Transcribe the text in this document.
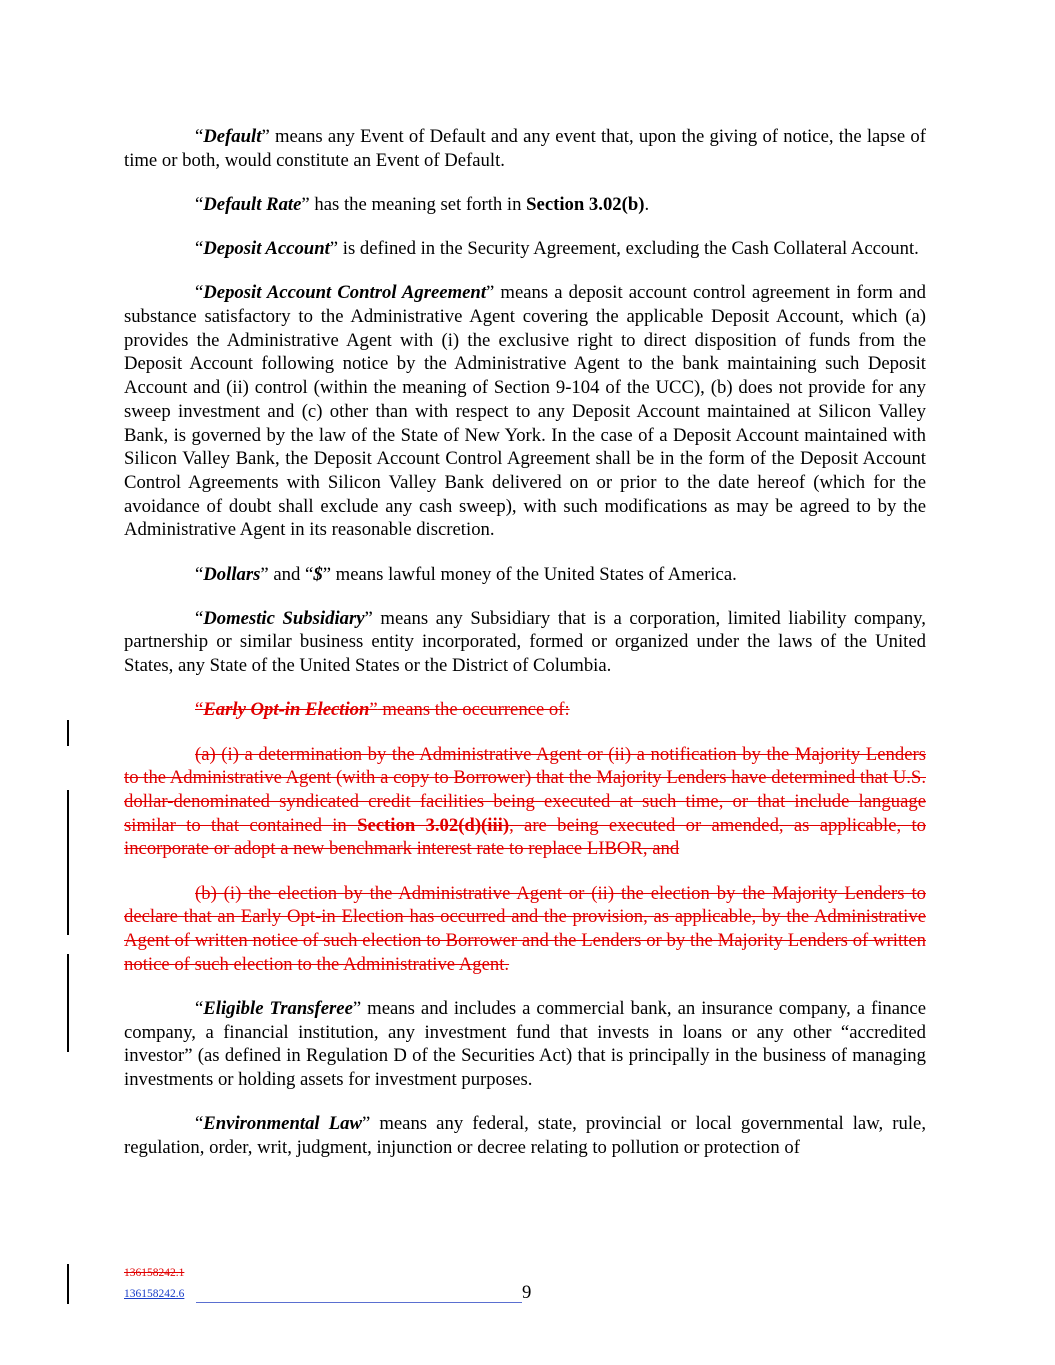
“Default” means any Event of Default and any event that, upon the giving of notice, the lapse of time or both, would constitute an Event of Default.

“Default Rate” has the meaning set forth in Section 3.02(b).

“Deposit Account” is defined in the Security Agreement, excluding the Cash Collateral Account.

“Deposit Account Control Agreement” means a deposit account control agreement in form and substance satisfactory to the Administrative Agent covering the applicable Deposit Account, which (a) provides the Administrative Agent with (i) the exclusive right to direct disposition of funds from the Deposit Account following notice by the Administrative Agent to the bank maintaining such Deposit Account and (ii) control (within the meaning of Section 9-104 of the UCC), (b) does not provide for any sweep investment and (c) other than with respect to any Deposit Account maintained at Silicon Valley Bank, is governed by the law of the State of New York. In the case of a Deposit Account maintained with Silicon Valley Bank, the Deposit Account Control Agreement shall be in the form of the Deposit Account Control Agreements with Silicon Valley Bank delivered on or prior to the date hereof (which for the avoidance of doubt shall exclude any cash sweep), with such modifications as may be agreed to by the Administrative Agent in its reasonable discretion.

“Dollars” and “$” means lawful money of the United States of America.

“Domestic Subsidiary” means any Subsidiary that is a corporation, limited liability company, partnership or similar business entity incorporated, formed or organized under the laws of the United States, any State of the United States or the District of Columbia.

“Early Opt-in Election” means the occurrence of:

(a) (i) a determination by the Administrative Agent or (ii) a notification by the Majority Lenders to the Administrative Agent (with a copy to Borrower) that the Majority Lenders have determined that U.S. dollar-denominated syndicated credit facilities being executed at such time, or that include language similar to that contained in Section 3.02(d)(iii), are being executed or amended, as applicable, to incorporate or adopt a new benchmark interest rate to replace LIBOR, and

(b) (i) the election by the Administrative Agent or (ii) the election by the Majority Lenders to declare that an Early Opt-in Election has occurred and the provision, as applicable, by the Administrative Agent of written notice of such election to Borrower and the Lenders or by the Majority Lenders of written notice of such election to the Administrative Agent.

“Eligible Transferee” means and includes a commercial bank, an insurance company, a finance company, a financial institution, any investment fund that invests in loans or any other “accredited investor” (as defined in Regulation D of the Securities Act) that is principally in the business of managing investments or holding assets for investment purposes.

“Environmental Law” means any federal, state, provincial or local governmental law, rule, regulation, order, writ, judgment, injunction or decree relating to pollution or protection of

136158242.1
136158242.6	9
